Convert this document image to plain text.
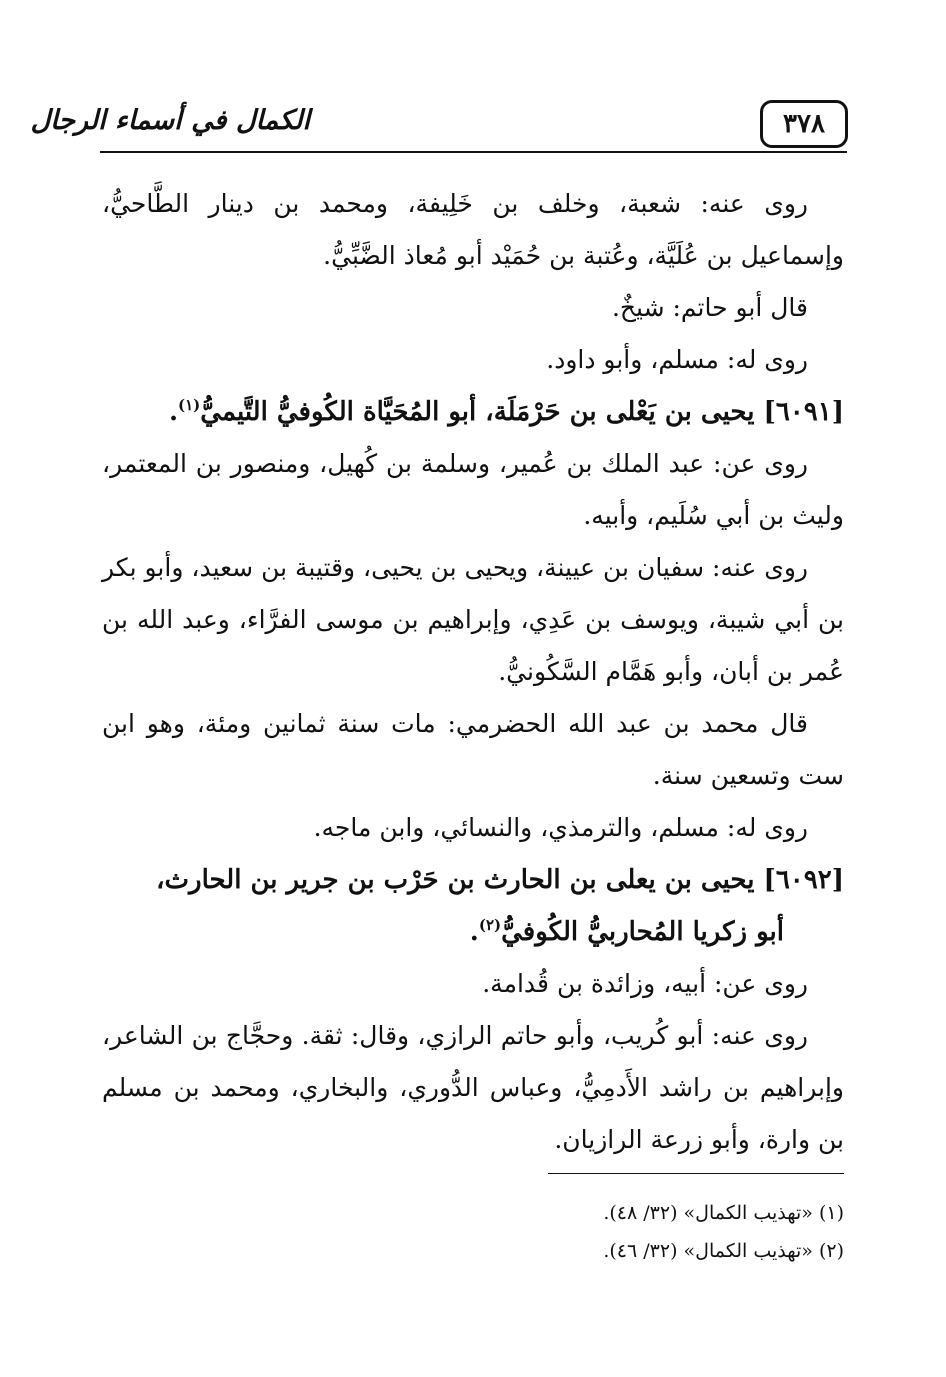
٣٧٨
الكمال في أسماء الرجال

روى عنه: شعبة، وخلف بن خَلِيفة، ومحمد بن دينار الطَّاحيُّ، وإسماعيل بن عُلَيَّة، وعُتبة بن حُمَيْد أبو مُعاذ الضَّبِّيُّ.

قال أبو حاتم: شيخٌ.

روى له: مسلم، وأبو داود.

[٦٠٩١] يحيى بن يَعْلى بن حَرْمَلَة، أبو المُحَيَّاة الكُوفيُّ التَّيميُّ$^{(١)}$.

روى عن: عبد الملك بن عُمير، وسلمة بن كُهيل، ومنصور بن المعتمر، وليث بن أبي سُلَيم، وأبيه.

روى عنه: سفيان بن عيينة، ويحيى بن يحيى، وقتيبة بن سعيد، وأبو بكر بن أبي شيبة، ويوسف بن عَدِي، وإبراهيم بن موسى الفرَّاء، وعبد الله بن عُمر بن أبان، وأبو هَمَّام السَّكُونيُّ.

قال محمد بن عبد الله الحضرمي: مات سنة ثمانين ومئة، وهو ابن ست وتسعين سنة.

روى له: مسلم، والترمذي، والنسائي، وابن ماجه.

[٦٠٩٢] يحيى بن يعلى بن الحارث بن حَرْب بن جرير بن الحارث،

أبو زكريا المُحاربيُّ الكُوفيُّ$^{(٢)}$.

روى عن: أبيه، وزائدة بن قُدامة.

روى عنه: أبو كُريب، وأبو حاتم الرازي، وقال: ثقة. وحجَّاج بن الشاعر، وإبراهيم بن راشد الأَدمِيُّ، وعباس الدُّوري، والبخاري، ومحمد بن مسلم بن وارة، وأبو زرعة الرازيان.

(١) «تهذيب الكمال» (٣٢/ ٤٨).

(٢) «تهذيب الكمال» (٣٢/ ٤٦).
